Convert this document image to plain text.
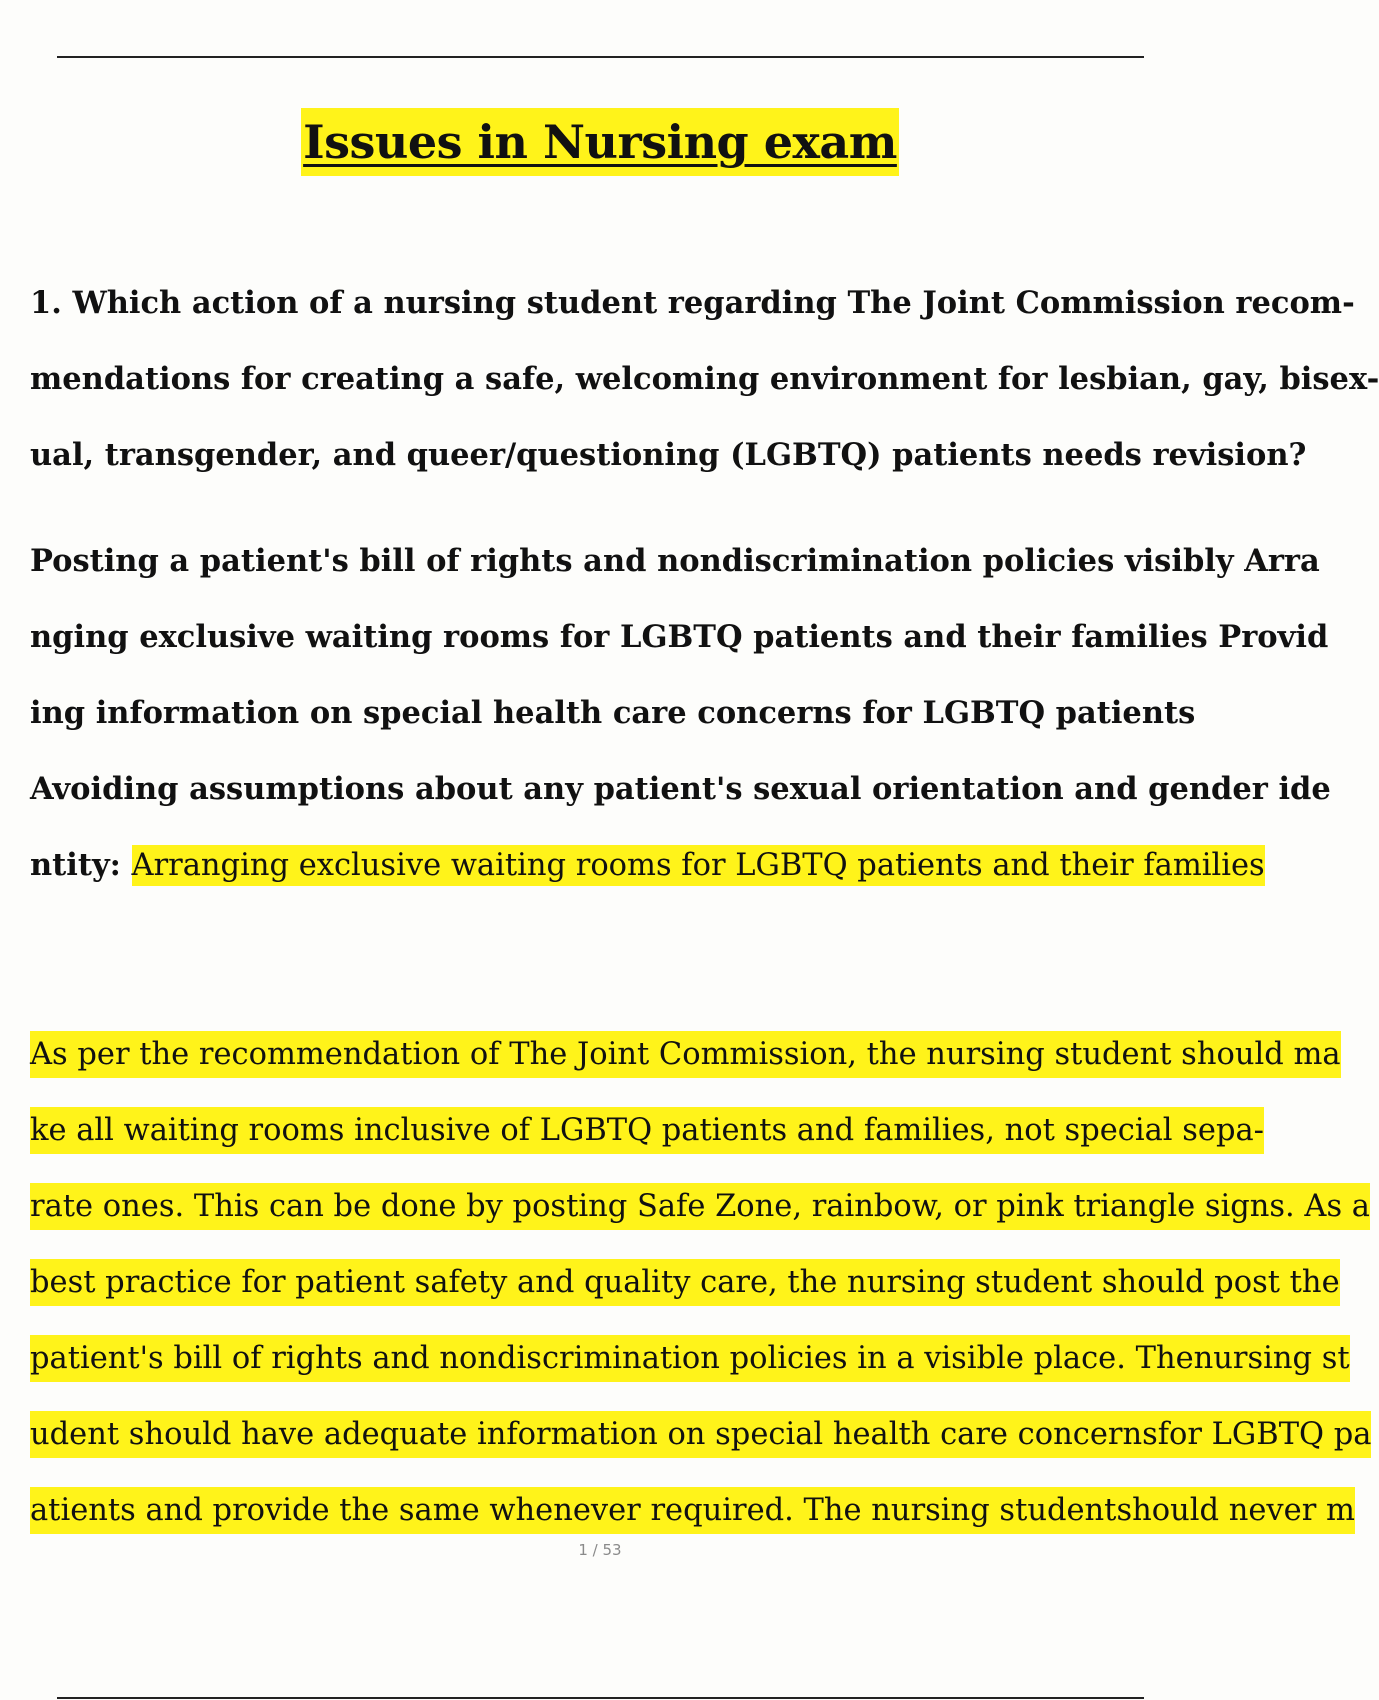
Issues in Nursing exam
1. Which action of a nursing student regarding The Joint Commission recom-
mendations for creating a safe, welcoming environment for lesbian, gay, bisex-
ual, transgender, and queer/questioning (LGBTQ) patients needs revision?
Posting a patient's bill of rights and nondiscrimination policies visibly Arra
nging exclusive waiting rooms for LGBTQ patients and their families Provid
ing information on special health care concerns for LGBTQ patients
Avoiding assumptions about any patient's sexual orientation and gender ide
ntity: Arranging exclusive waiting rooms for LGBTQ patients and their families
As per the recommendation of The Joint Commission, the nursing student should ma
ke all waiting rooms inclusive of LGBTQ patients and families, not special sepa-
rate ones. This can be done by posting Safe Zone, rainbow, or pink triangle signs. As a
best practice for patient safety and quality care, the nursing student should post the
patient's bill of rights and nondiscrimination policies in a visible place. Thenursing st
udent should have adequate information on special health care concernsfor LGBTQ pa
atients and provide the same whenever required. The nursing studentshould never m
1 / 53
